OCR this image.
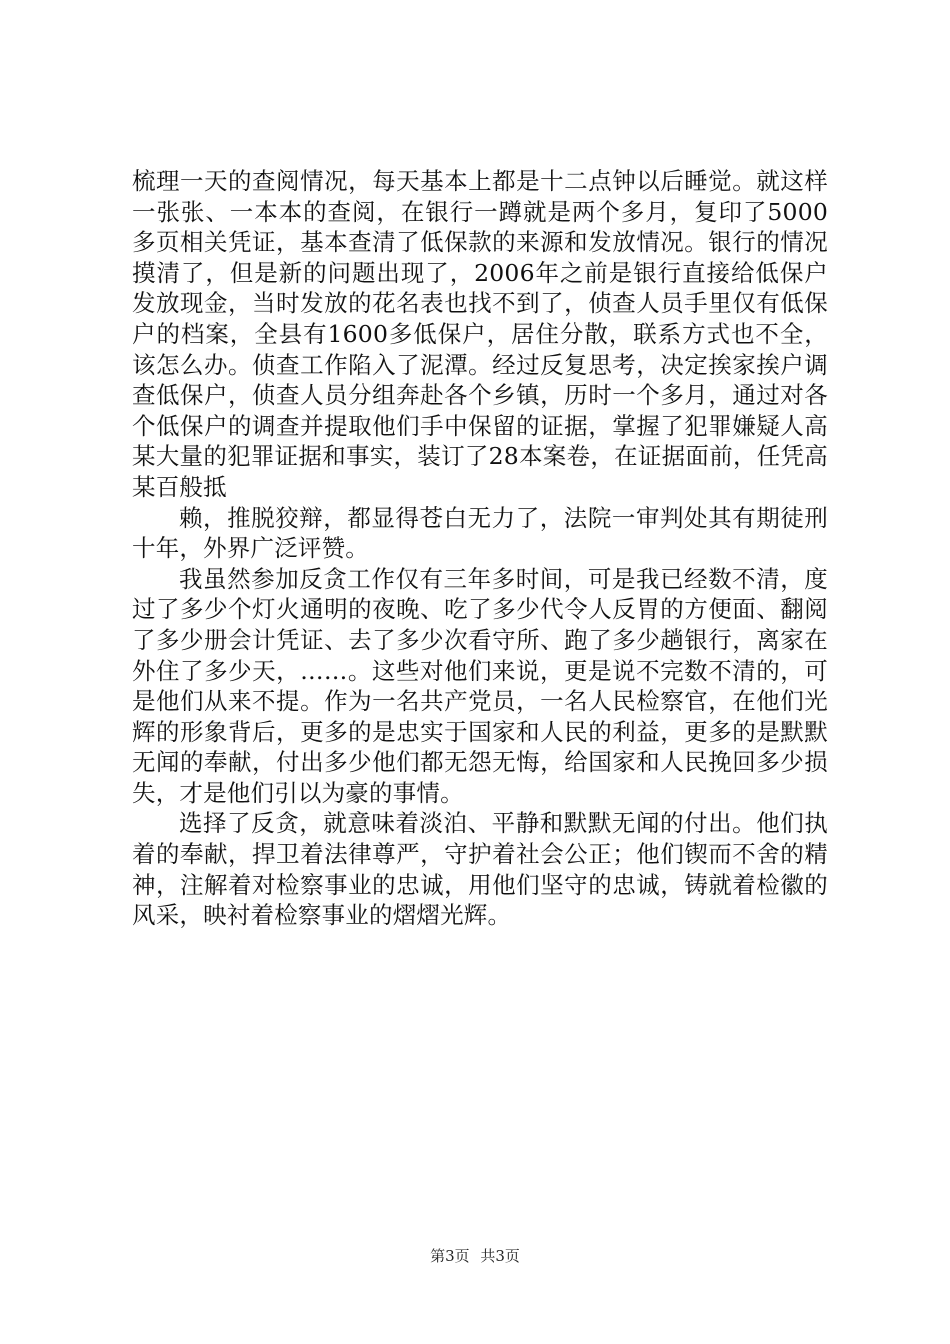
梳理一天的查阅情况，每天基本上都是十二点钟以后睡觉。就这样一张张、一本本的查阅，在银行一蹲就是两个多月，复印了5000多页相关凭证，基本查清了低保款的来源和发放情况。银行的情况摸清了，但是新的问题出现了，2006年之前是银行直接给低保户发放现金，当时发放的花名表也找不到了，侦查人员手里仅有低保户的档案，全县有1600多低保户，居住分散，联系方式也不全，该怎么办。侦查工作陷入了泥潭。经过反复思考，决定挨家挨户调查低保户，侦查人员分组奔赴各个乡镇，历时一个多月，通过对各个低保户的调查并提取他们手中保留的证据，掌握了犯罪嫌疑人高某大量的犯罪证据和事实，装订了28本案卷，在证据面前，任凭高某百般抵

赖，推脱狡辩，都显得苍白无力了，法院一审判处其有期徒刑十年，外界广泛评赞。

我虽然参加反贪工作仅有三年多时间，可是我已经数不清，度过了多少个灯火通明的夜晚、吃了多少代令人反胃的方便面、翻阅了多少册会计凭证、去了多少次看守所、跑了多少趟银行，离家在外住了多少天，……。这些对他们来说，更是说不完数不清的，可是他们从来不提。作为一名共产党员，一名人民检察官，在他们光辉的形象背后，更多的是忠实于国家和人民的利益，更多的是默默无闻的奉献，付出多少他们都无怨无悔，给国家和人民挽回多少损失，才是他们引以为豪的事情。

选择了反贪，就意味着淡泊、平静和默默无闻的付出。他们执着的奉献，捍卫着法律尊严，守护着社会公正；他们锲而不舍的精神，注解着对检察事业的忠诚，用他们坚守的忠诚，铸就着检徽的风采，映衬着检察事业的熠熠光辉。

第3页 共3页
